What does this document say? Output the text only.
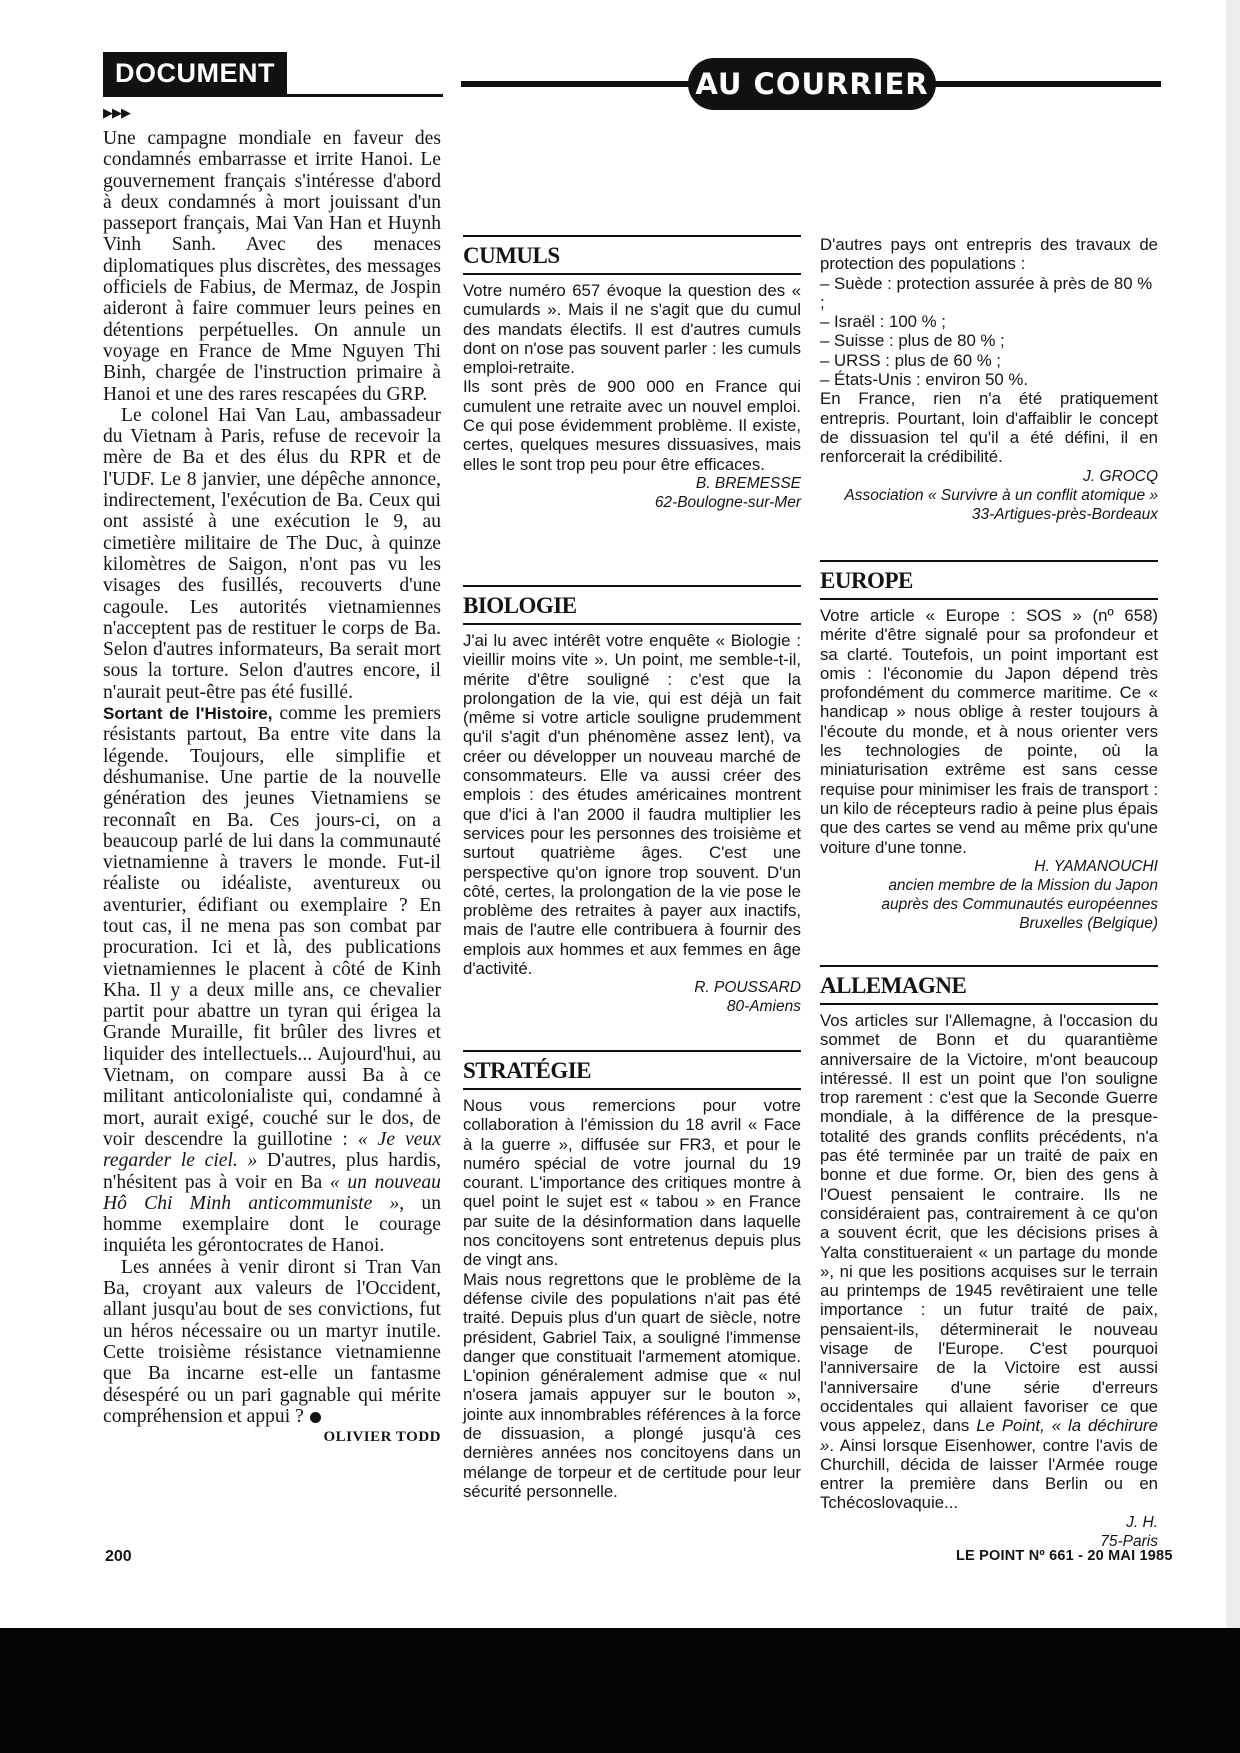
DOCUMENT
▶▶▶

Une campagne mondiale en faveur des condamnés embarrasse et irrite Hanoi. Le gouvernement français s'intéresse d'abord à deux condamnés à mort jouissant d'un passeport français, Mai Van Han et Huynh Vinh Sanh. Avec des menaces diplomatiques plus discrètes, des messages officiels de Fabius, de Mermaz, de Jospin aideront à faire commuer leurs peines en détentions perpétuelles. On annule un voyage en France de Mme Nguyen Thi Binh, chargée de l'instruction primaire à Hanoi et une des rares rescapées du GRP.

Le colonel Hai Van Lau, ambassadeur du Vietnam à Paris, refuse de recevoir la mère de Ba et des élus du RPR et de l'UDF. Le 8 janvier, une dépêche annonce, indirectement, l'exécution de Ba. Ceux qui ont assisté à une exécution le 9, au cimetière militaire de The Duc, à quinze kilomètres de Saigon, n'ont pas vu les visages des fusillés, recouverts d'une cagoule. Les autorités vietnamiennes n'acceptent pas de restituer le corps de Ba. Selon d'autres informateurs, Ba serait mort sous la torture. Selon d'autres encore, il n'aurait peut-être pas été fusillé.

Sortant de l'Histoire, comme les premiers résistants partout, Ba entre vite dans la légende. Toujours, elle simplifie et déshumanise. Une partie de la nouvelle génération des jeunes Vietnamiens se reconnaît en Ba. Ces jours-ci, on a beaucoup parlé de lui dans la communauté vietnamienne à travers le monde. Fut-il réaliste ou idéaliste, aventureux ou aventurier, édifiant ou exemplaire ? En tout cas, il ne mena pas son combat par procuration. Ici et là, des publications vietnamiennes le placent à côté de Kinh Kha. Il y a deux mille ans, ce chevalier partit pour abattre un tyran qui érigea la Grande Muraille, fit brûler des livres et liquider des intellectuels... Aujourd'hui, au Vietnam, on compare aussi Ba à ce militant anticolonialiste qui, condamné à mort, aurait exigé, couché sur le dos, de voir descendre la guillotine : « Je veux regarder le ciel. » D'autres, plus hardis, n'hésitent pas à voir en Ba « un nouveau Hô Chi Minh anticommuniste », un homme exemplaire dont le courage inquiéta les gérontocrates de Hanoi.

Les années à venir diront si Tran Van Ba, croyant aux valeurs de l'Occident, allant jusqu'au bout de ses convictions, fut un héros nécessaire ou un martyr inutile. Cette troisième résistance vietnamienne que Ba incarne est-elle un fantasme désespéré ou un pari gagnable qui mérite compréhension et appui ?

OLIVIER TODD

AU COURRIER
CUMULS

Votre numéro 657 évoque la question des « cumulards ». Mais il ne s'agit que du cumul des mandats électifs. Il est d'autres cumuls dont on n'ose pas souvent parler : les cumuls emploi-retraite.

Ils sont près de 900 000 en France qui cumulent une retraite avec un nouvel emploi. Ce qui pose évidemment problème. Il existe, certes, quelques mesures dissuasives, mais elles le sont trop peu pour être efficaces.

B. BREMESSE

62-Boulogne-sur-Mer

D'autres pays ont entrepris des travaux de protection des populations :

– Suède : protection assurée à près de 80 % ;
– Israël : 100 % ;
– Suisse : plus de 80 % ;
– URSS : plus de 60 % ;
– États-Unis : environ 50 %.

En France, rien n'a été pratiquement entrepris. Pourtant, loin d'affaiblir le concept de dissuasion tel qu'il a été défini, il en renforcerait la crédibilité.

J. GROCQ

Association « Survivre à un conflit atomique »

33-Artigues-près-Bordeaux

BIOLOGIE

J'ai lu avec intérêt votre enquête « Biologie : vieillir moins vite ». Un point, me semble-t-il, mérite d'être souligné : c'est que la prolongation de la vie, qui est déjà un fait (même si votre article souligne prudemment qu'il s'agit d'un phénomène assez lent), va créer ou développer un nouveau marché de consommateurs. Elle va aussi créer des emplois : des études américaines montrent que d'ici à l'an 2000 il faudra multiplier les services pour les personnes des troisième et surtout quatrième âges. C'est une perspective qu'on ignore trop souvent. D'un côté, certes, la prolongation de la vie pose le problème des retraites à payer aux inactifs, mais de l'autre elle contribuera à fournir des emplois aux hommes et aux femmes en âge d'activité.

R. POUSSARD

80-Amiens

STRATÉGIE

Nous vous remercions pour votre collaboration à l'émission du 18 avril « Face à la guerre », diffusée sur FR3, et pour le numéro spécial de votre journal du 19 courant. L'importance des critiques montre à quel point le sujet est « tabou » en France par suite de la désinformation dans laquelle nos concitoyens sont entretenus depuis plus de vingt ans.

Mais nous regrettons que le problème de la défense civile des populations n'ait pas été traité. Depuis plus d'un quart de siècle, notre président, Gabriel Taix, a souligné l'immense danger que constituait l'armement atomique. L'opinion généralement admise que « nul n'osera jamais appuyer sur le bouton », jointe aux innombrables références à la force de dissuasion, a plongé jusqu'à ces dernières années nos concitoyens dans un mélange de torpeur et de certitude pour leur sécurité personnelle.

EUROPE

Votre article « Europe : SOS » (nº 658) mérite d'être signalé pour sa profondeur et sa clarté. Toutefois, un point important est omis : l'économie du Japon dépend très profondément du commerce maritime. Ce « handicap » nous oblige à rester toujours à l'écoute du monde, et à nous orienter vers les technologies de pointe, où la miniaturisation extrême est sans cesse requise pour minimiser les frais de transport : un kilo de récepteurs radio à peine plus épais que des cartes se vend au même prix qu'une voiture d'une tonne.

H. YAMANOUCHI

ancien membre de la Mission du Japon

auprès des Communautés européennes

Bruxelles (Belgique)

ALLEMAGNE

Vos articles sur l'Allemagne, à l'occasion du sommet de Bonn et du quarantième anniversaire de la Victoire, m'ont beaucoup intéressé. Il est un point que l'on souligne trop rarement : c'est que la Seconde Guerre mondiale, à la différence de la presque-totalité des grands conflits précédents, n'a pas été terminée par un traité de paix en bonne et due forme. Or, bien des gens à l'Ouest pensaient le contraire. Ils ne considéraient pas, contrairement à ce qu'on a souvent écrit, que les décisions prises à Yalta constitueraient « un partage du monde », ni que les positions acquises sur le terrain au printemps de 1945 revêtiraient une telle importance : un futur traité de paix, pensaient-ils, déterminerait le nouveau visage de l'Europe. C'est pourquoi l'anniversaire de la Victoire est aussi l'anniversaire d'une série d'erreurs occidentales qui allaient favoriser ce que vous appelez, dans Le Point, « la déchirure ». Ainsi lorsque Eisenhower, contre l'avis de Churchill, décida de laisser l'Armée rouge entrer la première dans Berlin ou en Tchécoslovaquie...

J. H.

75-Paris

200	LE POINT Nº 661 - 20 MAI 1985
